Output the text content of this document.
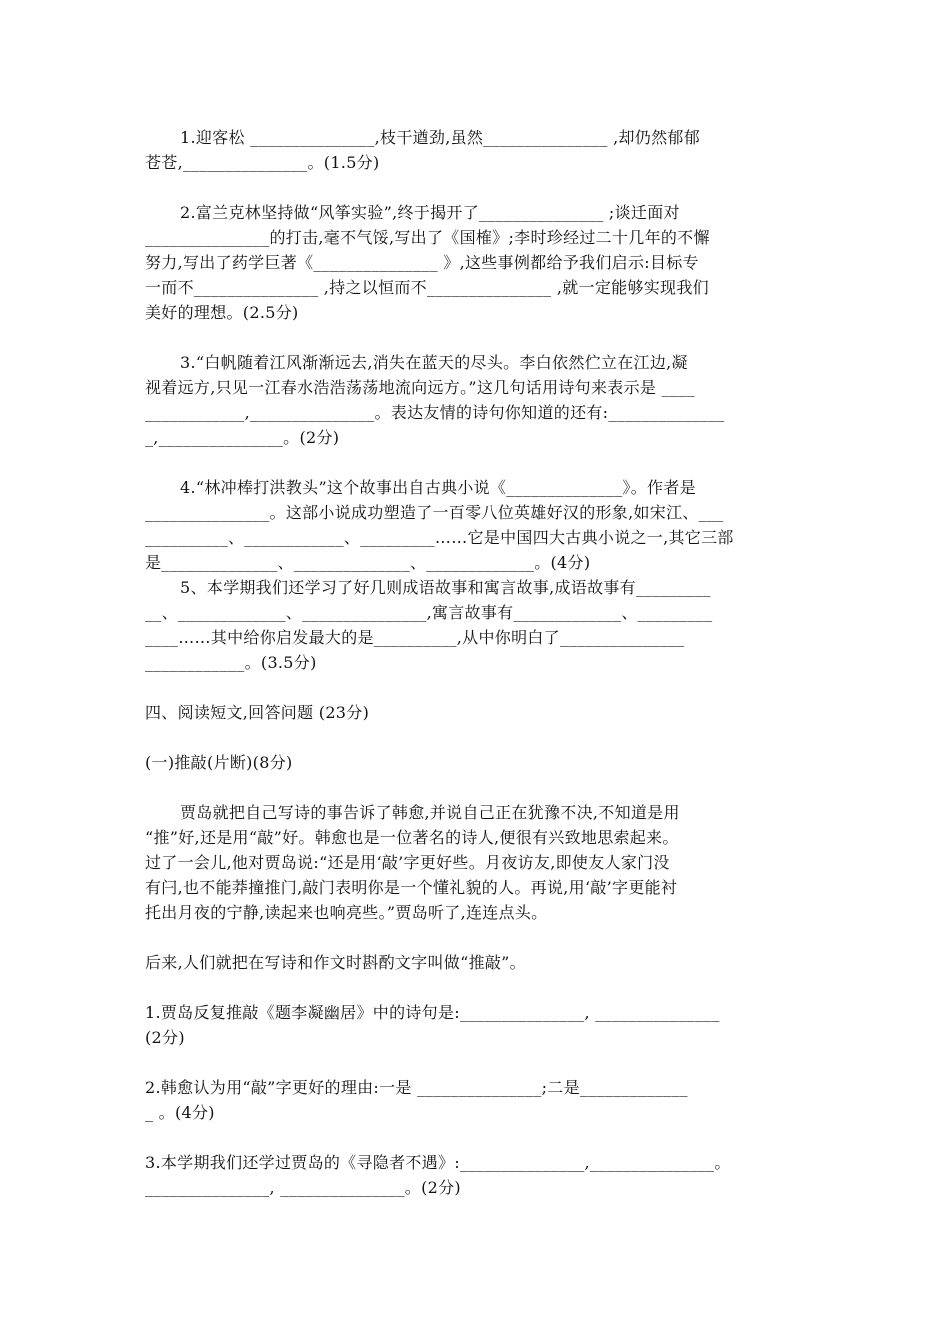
1.迎客松 _______________,枝干遒劲,虽然_______________ ,却仍然郁郁
苍苍,_______________。(1.5分)
2.富兰克林坚持做“风筝实验”,终于揭开了_______________ ;谈迁面对
_______________的打击,毫不气馁,写出了《国榷》;李时珍经过二十几年的不懈
努力,写出了药学巨著《_______________ 》,这些事例都给予我们启示:目标专
一而不_______________ ,持之以恒而不_______________ ,就一定能够实现我们
美好的理想。(2.5分)
3.“白帆随着江风渐渐远去,消失在蓝天的尽头。李白依然伫立在江边,凝
视着远方,只见一江春水浩浩荡荡地流向远方。”这几句话用诗句来表示是 ____
____________,_______________。表达友情的诗句你知道的还有:______________
_,_______________。(2分)
4.“林冲棒打洪教头”这个故事出自古典小说《______________》。作者是
_______________。这部小说成功塑造了一百零八位英雄好汉的形象,如宋江、___
__________、____________、_________……它是中国四大古典小说之一,其它三部
是______________、______________、_____________。(4分)
5、本学期我们还学习了好几则成语故事和寓言故事,成语故事有_________
__、_____________、_______________,寓言故事有_____________、_________
____……其中给你启发最大的是__________,从中你明白了_______________
____________。(3.5分)
四、阅读短文,回答问题 (23分)
(一)推敲(片断)(8分)
贾岛就把自己写诗的事告诉了韩愈,并说自己正在犹豫不决,不知道是用
“推”好,还是用“敲”好。韩愈也是一位著名的诗人,便很有兴致地思索起来。
过了一会儿,他对贾岛说:“还是用‘敲’字更好些。月夜访友,即使友人家门没
有闩,也不能莽撞推门,敲门表明你是一个懂礼貌的人。再说,用‘敲’字更能衬
托出月夜的宁静,读起来也响亮些。”贾岛听了,连连点头。
后来,人们就把在写诗和作文时斟酌文字叫做“推敲”。
1.贾岛反复推敲《题李凝幽居》中的诗句是:_______________, _______________
(2分)
2.韩愈认为用“敲”字更好的理由:一是 _______________;二是_____________
_ 。(4分)
3.本学期我们还学过贾岛的《寻隐者不遇》:_______________,_______________。
_______________, _______________。(2分)
